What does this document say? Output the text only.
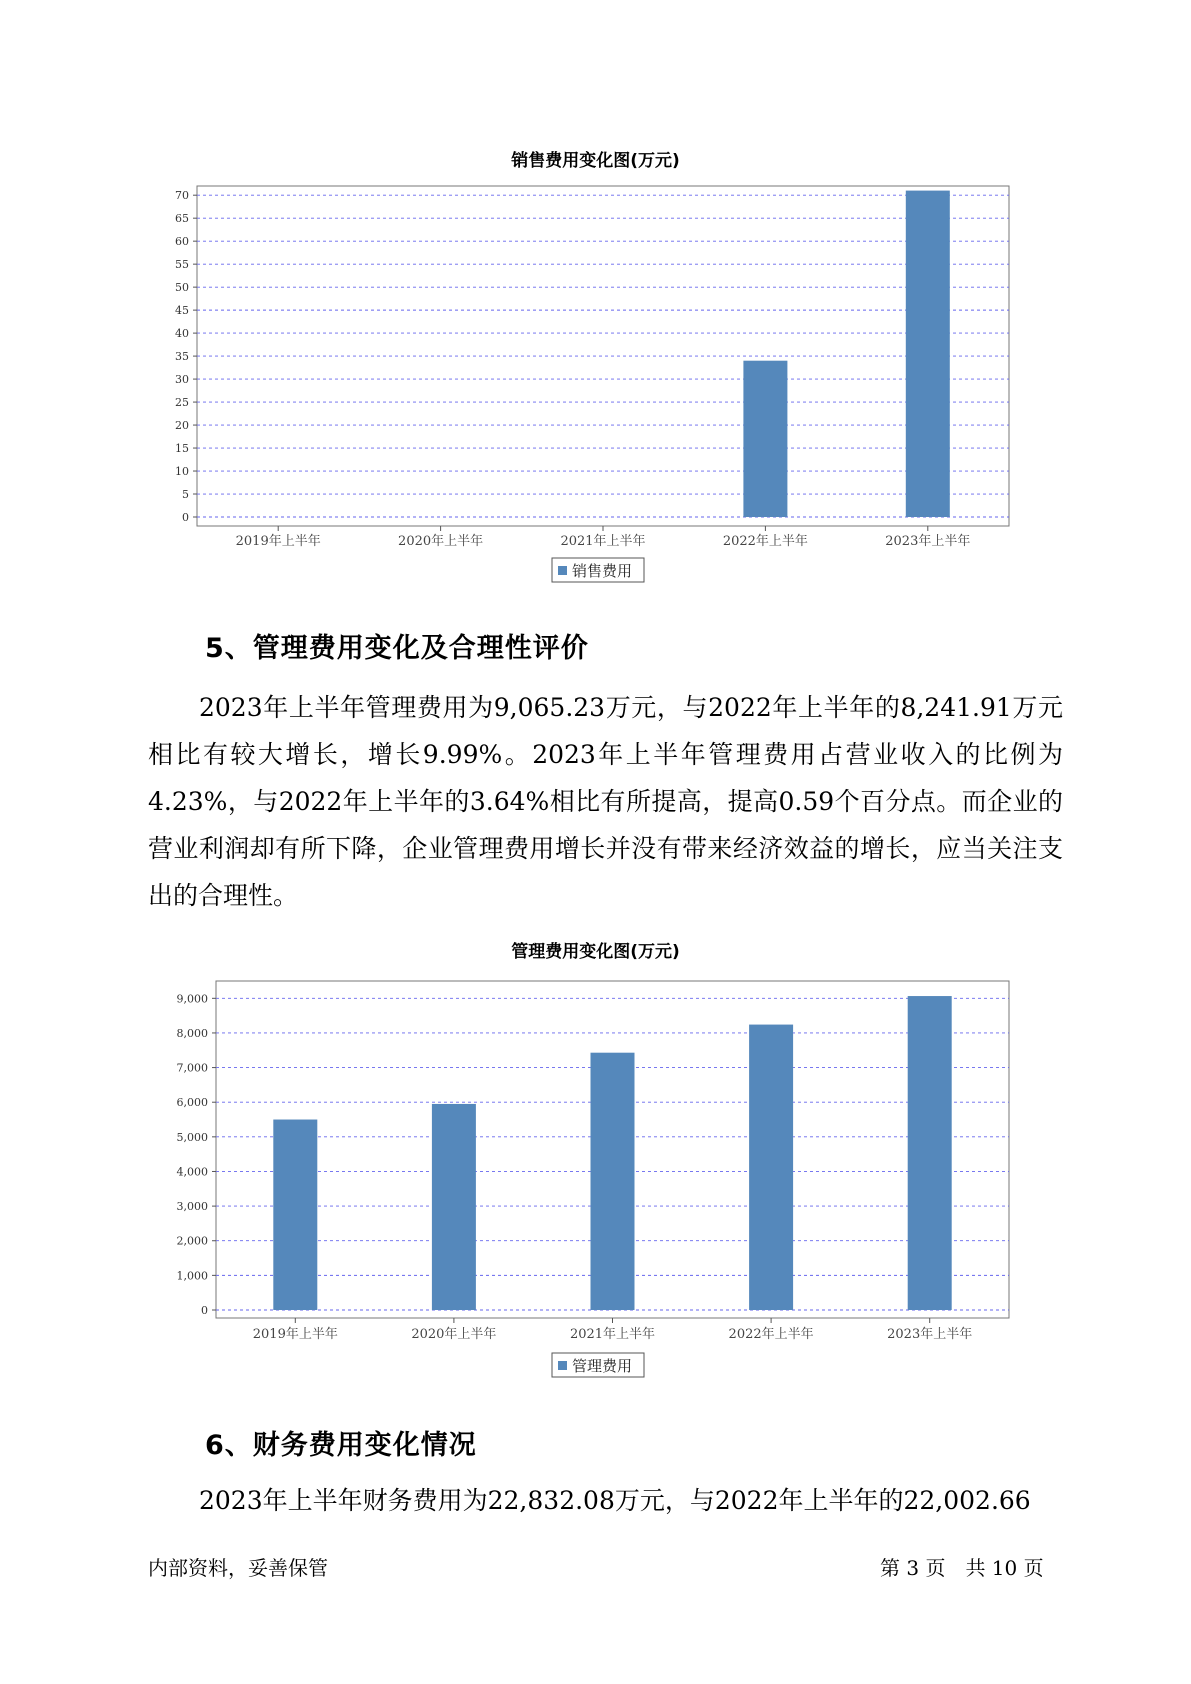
销售费用变化图(万元)
0
5
10
15
20
25
30
35
40
45
50
55
60
65
70
2019年上半年	2020年上半年	2021年上半年	2022年上半年	2023年上半年
销售费用
5、管理费用变化及合理性评价

2023年上半年管理费用为9,065.23万元，与2022年上半年的8,241.91万元相比有较大增长，增长9.99%。2023年上半年管理费用占营业收入的比例为4.23%，与2022年上半年的3.64%相比有所提高，提高0.59个百分点。而企业的营业利润却有所下降，企业管理费用增长并没有带来经济效益的增长，应当关注支出的合理性。

管理费用变化图(万元)
0
1,000
2,000
3,000
4,000
5,000
6,000
7,000
8,000
9,000
2019年上半年	2020年上半年	2021年上半年	2022年上半年	2023年上半年
管理费用
6、财务费用变化情况

2023年上半年财务费用为22,832.08万元，与2022年上半年的22,002.66

内部资料，妥善保管	第 3 页　共 10 页
